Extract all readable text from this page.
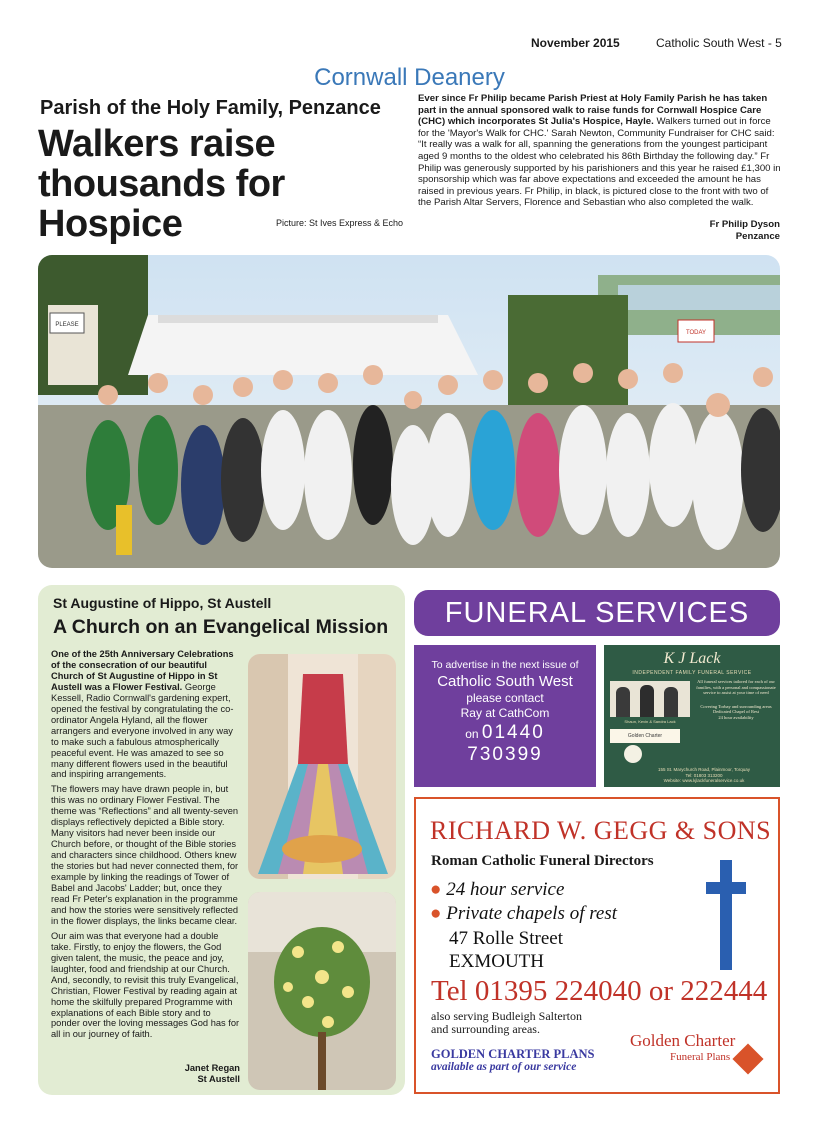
November 2015	Catholic South West - 5
Cornwall Deanery
Parish of the Holy Family, Penzance
Walkers raise
thousands for
Hospice	Picture: St Ives Express & Echo

Ever since Fr Philip became Parish Priest at Holy Family Parish he has taken part in the annual sponsored walk to raise funds for Cornwall Hospice Care (CHC) which incorporates St Julia's Hospice, Hayle. Walkers turned out in force for the 'Mayor's Walk for CHC.' Sarah Newton, Community Fundraiser for CHC said: “It really was a walk for all, spanning the generations from the youngest participant aged 9 months to the oldest who celebrated his 86th Birthday the following day.” Fr Philip was generously supported by his parishioners and this year he raised £1,300 in sponsorship which was far above expectations and exceeded the amount he has raised in previous years. Fr Philip, in black, is pictured close to the front with two of the Parish Altar Servers, Florence and Sebastian who also completed the walk.

Fr Philip Dyson
Penzance
PLEASE
TODAY
St Augustine of Hippo, St Austell
A Church on an Evangelical Mission

One of the 25th Anniversary Celebrations of the consecration of our beautiful Church of St Augustine of Hippo in St Austell was a Flower Festival. George Kessell, Radio Cornwall's gardening expert, opened the festival by congratulating the co-ordinator Angela Hyland, all the flower arrangers and everyone involved in any way to make such a fabulous atmospherically peaceful event. He was amazed to see so many different flowers used in the beautiful and inspiring arrangements.

The flowers may have drawn people in, but this was no ordinary Flower Festival. The theme was “Reflections” and all twenty-seven displays reflectively depicted a Bible story. Many visitors had never been inside our Church before, or thought of the Bible stories and characters since childhood. Others knew the stories but had never connected them, for example by linking the readings of Tower of Babel and Jacobs' Ladder; but, once they read Fr Peter's explanation in the programme and how the stories were sensitively reflected in the flower displays, the links became clear.

Our aim was that everyone had a double take. Firstly, to enjoy the flowers, the God given talent, the music, the peace and joy, laughter, food and friendship at our Church. And, secondly, to revisit this truly Evangelical, Christian, Flower Festival by reading again at home the skilfully prepared Programme with explanations of each Bible story and to ponder over the loving messages God has for all in our journey of faith.

Janet Regan
St Austell
FUNERAL SERVICES
To advertise in the next issue of
Catholic South West
please contact
Ray at CathCom
on 01440
730399
K J Lack
INDEPENDENT FAMILY FUNERAL SERVICE
Shaun, Kevin & Sandra Lack
All funeral services tailored for each of our families, with a personal and compassionate service to assist at your time of need
Covering Torbay and surrounding areas
Dedicated Chapel of Rest
24 hour availability
Golden Charter
155 St. Marychurch Road, Plainmoor, Torquay
Tel: 01803 313200
Website: www.kjlackfuneralservice.co.uk
RICHARD W. GEGG & SONS
Roman Catholic Funeral Directors
● 24 hour service
● Private chapels of rest
47 Rolle Street
EXMOUTH
Tel 01395 224040 or 222444
also serving Budleigh Salterton
and surrounding areas.
GOLDEN CHARTER PLANS
available as part of our service
Golden Charter
Funeral Plans
